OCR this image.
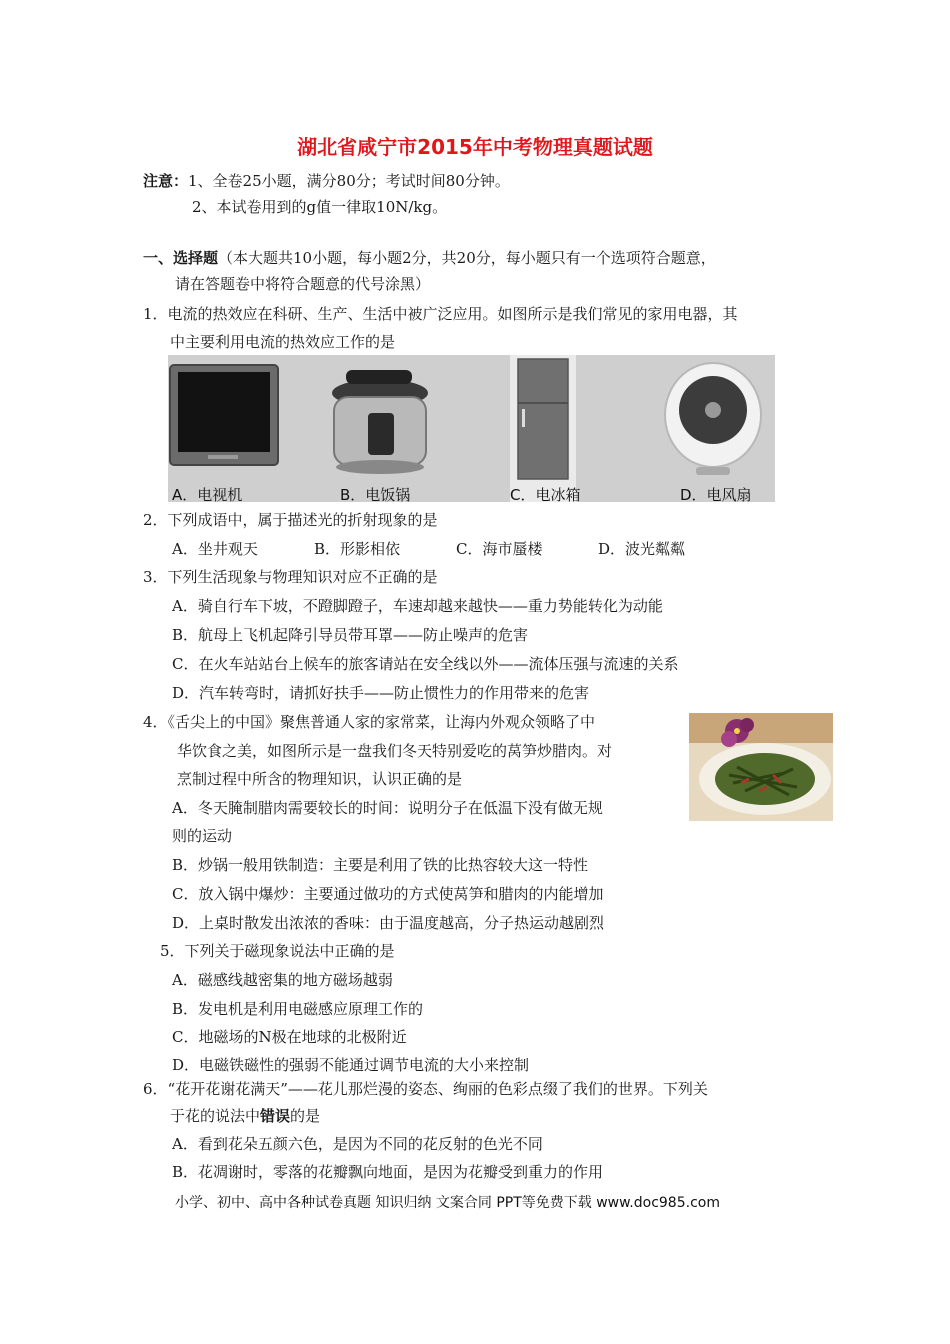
湖北省咸宁市2015年中考物理真题试题
注意：1、全卷25小题，满分80分；考试时间80分钟。
2、本试卷用到的g值一律取10N/kg。
一、选择题（本大题共10小题，每小题2分，共20分，每小题只有一个选项符合题意，
请在答题卷中将符合题意的代号涂黑）
1．电流的热效应在科研、生产、生活中被广泛应用。如图所示是我们常见的家用电器，其
中主要利用电流的热效应工作的是
A．电视机	B．电饭锅	C．电冰箱	D．电风扇
2．下列成语中，属于描述光的折射现象的是
A．坐井观天	B．形影相依	C．海市蜃楼	D．波光粼粼
3．下列生活现象与物理知识对应不正确的是
A．骑自行车下坡，不蹬脚蹬子，车速却越来越快——重力势能转化为动能
B．航母上飞机起降引导员带耳罩——防止噪声的危害
C．在火车站站台上候车的旅客请站在安全线以外——流体压强与流速的关系
D．汽车转弯时，请抓好扶手——防止惯性力的作用带来的危害
4．《舌尖上的中国》聚焦普通人家的家常菜，让海内外观众领略了中
华饮食之美，如图所示是一盘我们冬天特别爱吃的莴笋炒腊肉。对
烹制过程中所含的物理知识，认识正确的是
A．冬天腌制腊肉需要较长的时间：说明分子在低温下没有做无规
则的运动
B．炒锅一般用铁制造：主要是利用了铁的比热容较大这一特性
C．放入锅中爆炒：主要通过做功的方式使莴笋和腊肉的内能增加
D．上桌时散发出浓浓的香味：由于温度越高，分子热运动越剧烈
5．下列关于磁现象说法中正确的是
A．磁感线越密集的地方磁场越弱
B．发电机是利用电磁感应原理工作的
C．地磁场的N极在地球的北极附近
D．电磁铁磁性的强弱不能通过调节电流的大小来控制
6．“花开花谢花满天”——花儿那烂漫的姿态、绚丽的色彩点缀了我们的世界。下列关
于花的说法中错误的是
A．看到花朵五颜六色，是因为不同的花反射的色光不同
B．花凋谢时，零落的花瓣飘向地面，是因为花瓣受到重力的作用
小学、初中、高中各种试卷真题 知识归纳 文案合同 PPT等免费下载 www.doc985.com
